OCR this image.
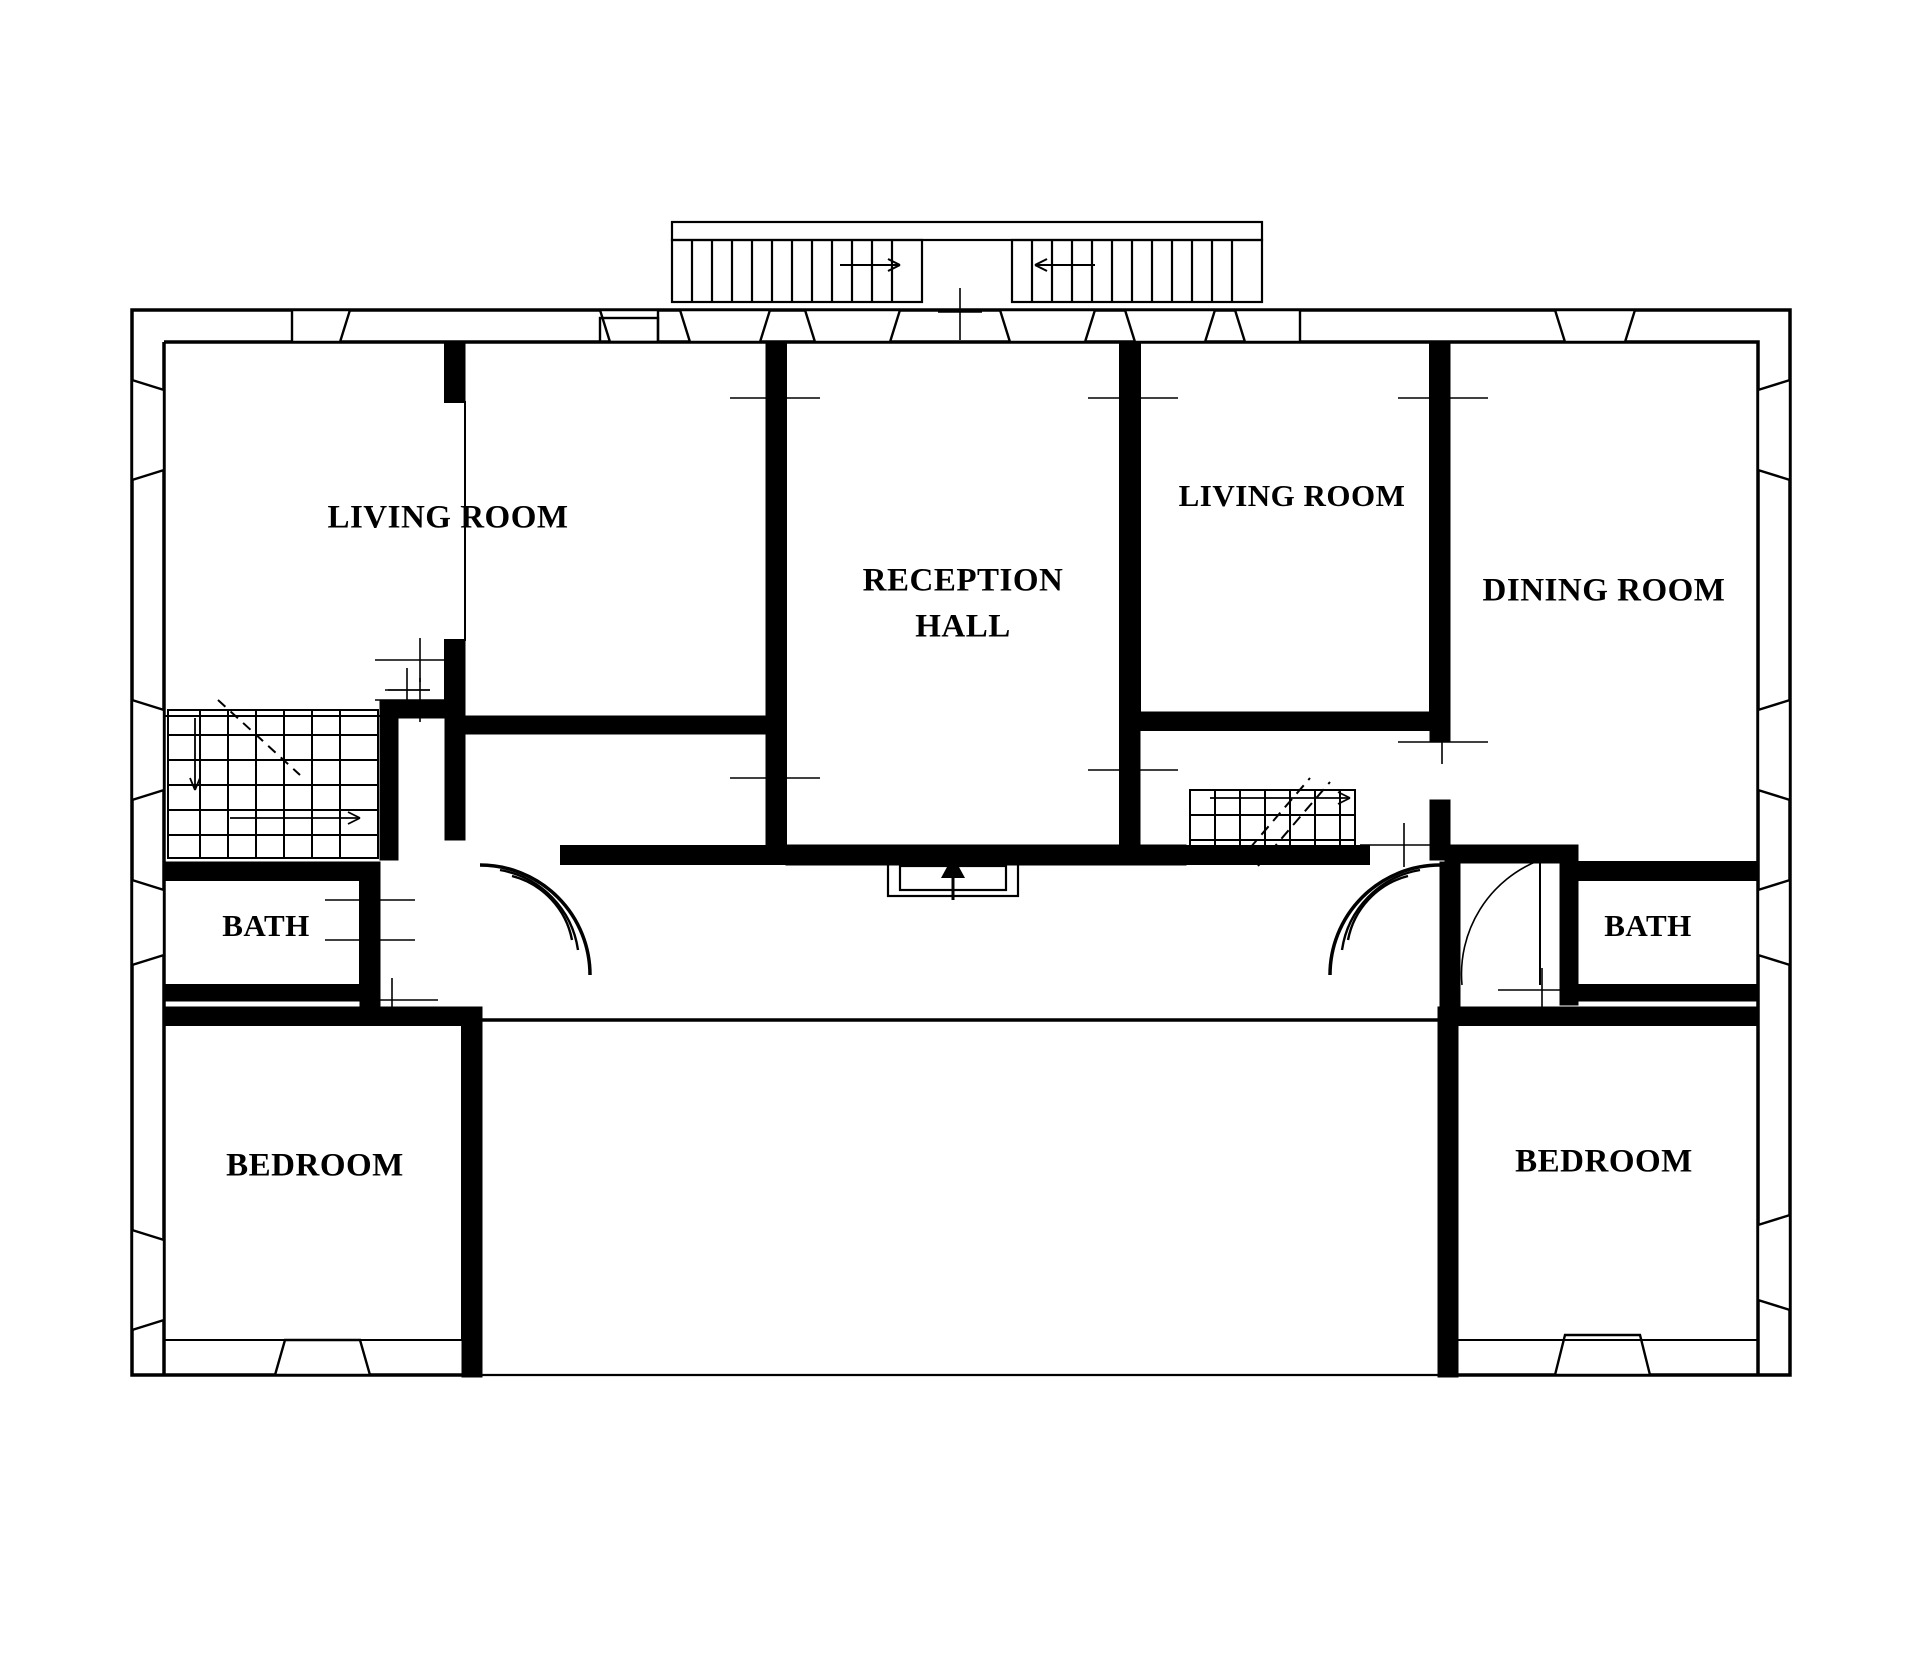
LIVING ROOM
RECEPTION
HALL
LIVING ROOM
DINING ROOM
BATH	BATH
BEDROOM	BEDROOM
